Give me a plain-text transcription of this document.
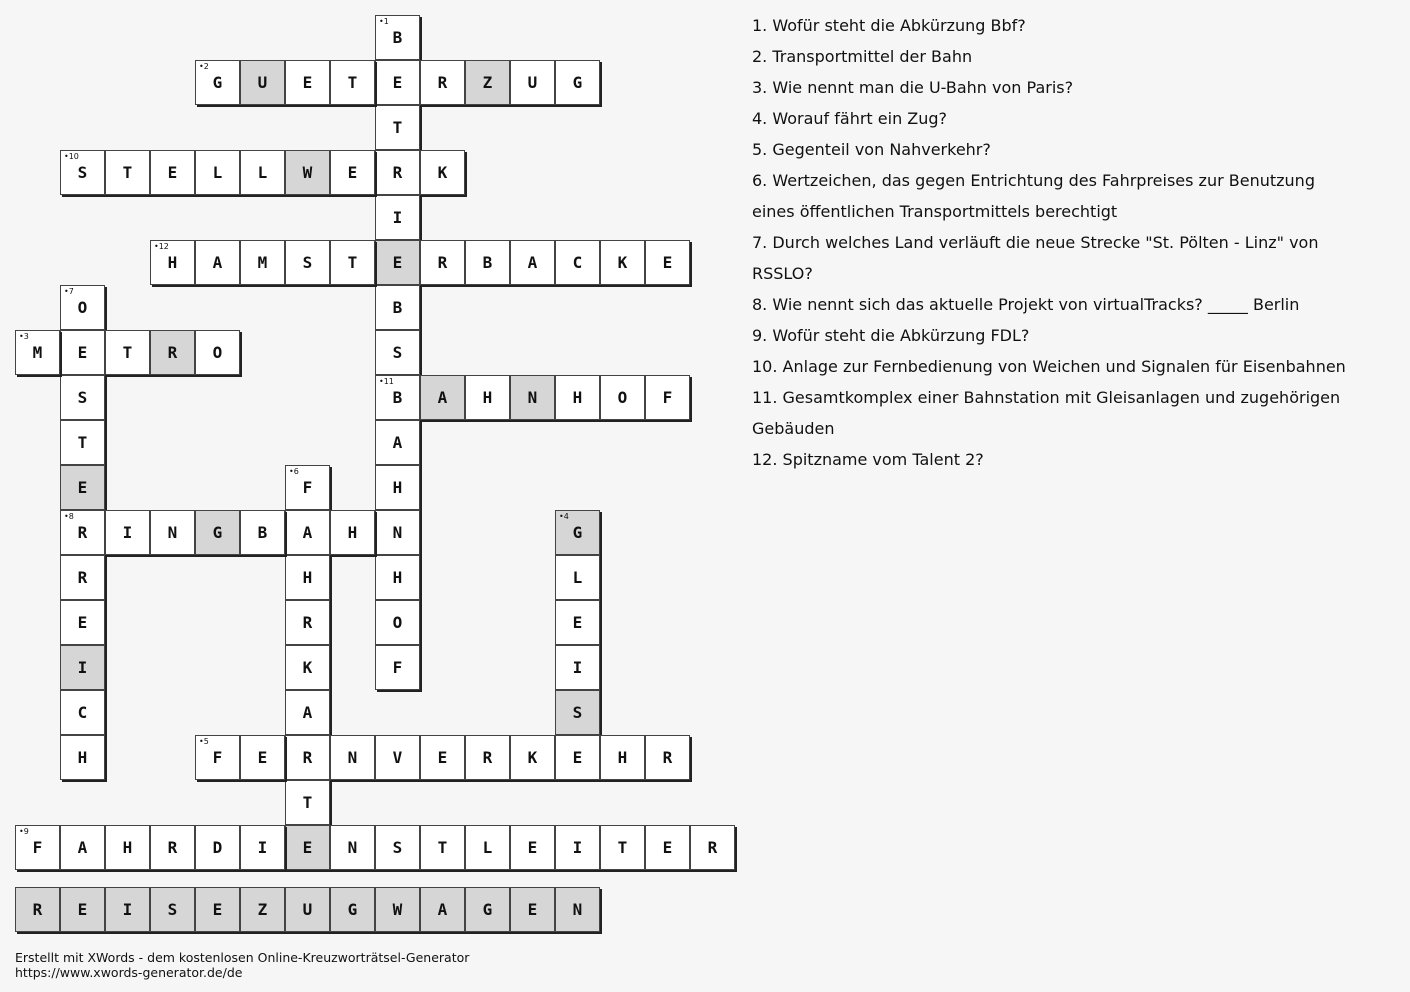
•1
B
E
T
R
I
E
B
S
•11
B
A
H
N
H
O
F
•2
G	U	E	T	R	Z	U	G
•10
S	T	E	L	L	W	E	K
•12
H	A	M	S	T	R	B	A	C	K	E
•7
O
E
S
T
E
•8
R
R
E
I
C
H
•3
M	T	R	O
A	H	N	H	O	F
•6
F
A
H
R
K
A
R
T
E
I	N	G	B	H
•4
G
L
E
I
S
•5
F	E	N	V	E	R	K	E	H	R
•9
F	A	H	R	D	I	N	S	T	L	E	I	T	E	R
R	E	I	S	E	Z	U	G	W	A	G	E	N

1. Wofür steht die Abkürzung Bbf?

2. Transportmittel der Bahn

3. Wie nennt man die U-Bahn von Paris?

4. Worauf fährt ein Zug?

5. Gegenteil von Nahverkehr?

6. Wertzeichen, das gegen Entrichtung des Fahrpreises zur Benutzung eines öffentlichen Transportmittels berechtigt

7. Durch welches Land verläuft die neue Strecke "St. Pölten - Linz" von RSSLO?

8. Wie nennt sich das aktuelle Projekt von virtualTracks? _____ Berlin

9. Wofür steht die Abkürzung FDL?

10. Anlage zur Fernbedienung von Weichen und Signalen für Eisenbahnen

11. Gesamtkomplex einer Bahnstation mit Gleisanlagen und zugehörigen Gebäuden

12. Spitzname vom Talent 2?

Erstellt mit XWords - dem kostenlosen Online-Kreuzworträtsel-Generator
https://www.xwords-generator.de/de
